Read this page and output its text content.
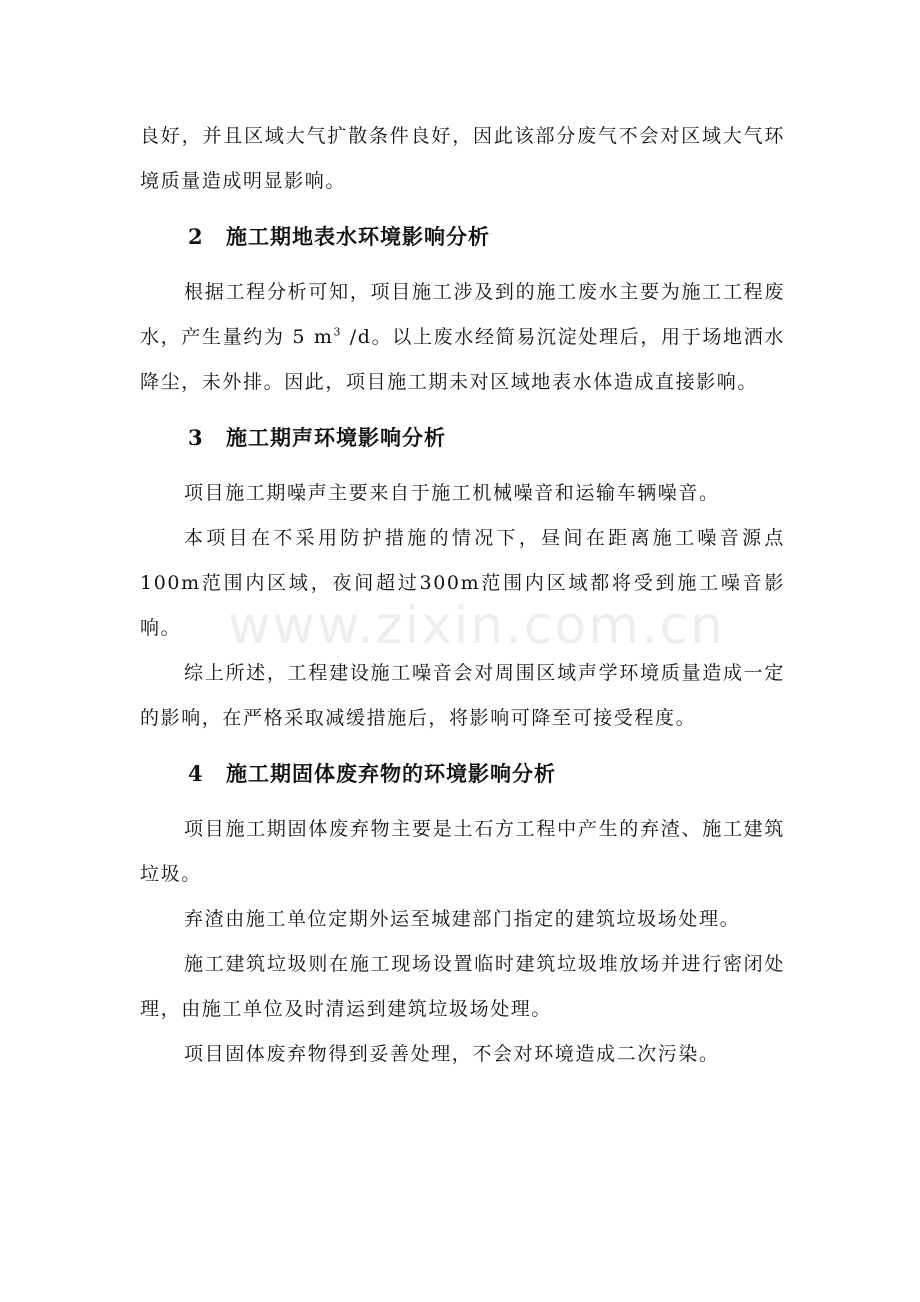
良好，并且区域大气扩散条件良好，因此该部分废气不会对区域大气环境质量造成明显影响。

2 施工期地表水环境影响分析

根据工程分析可知，项目施工涉及到的施工废水主要为施工工程废水，产生量约为 5 $m^3$ /d。以上废水经简易沉淀处理后，用于场地洒水降尘，未外排。因此，项目施工期未对区域地表水体造成直接影响。

3 施工期声环境影响分析

项目施工期噪声主要来自于施工机械噪音和运输车辆噪音。

本项目在不采用防护措施的情况下，昼间在距离施工噪音源点100m范围内区域，夜间超过300m范围内区域都将受到施工噪音影响。

综上所述，工程建设施工噪音会对周围区域声学环境质量造成一定的影响，在严格采取减缓措施后，将影响可降至可接受程度。

4 施工期固体废弃物的环境影响分析

项目施工期固体废弃物主要是土石方工程中产生的弃渣、施工建筑垃圾。

弃渣由施工单位定期外运至城建部门指定的建筑垃圾场处理。

施工建筑垃圾则在施工现场设置临时建筑垃圾堆放场并进行密闭处理，由施工单位及时清运到建筑垃圾场处理。

项目固体废弃物得到妥善处理，不会对环境造成二次污染。

www.zixin.com.cn
